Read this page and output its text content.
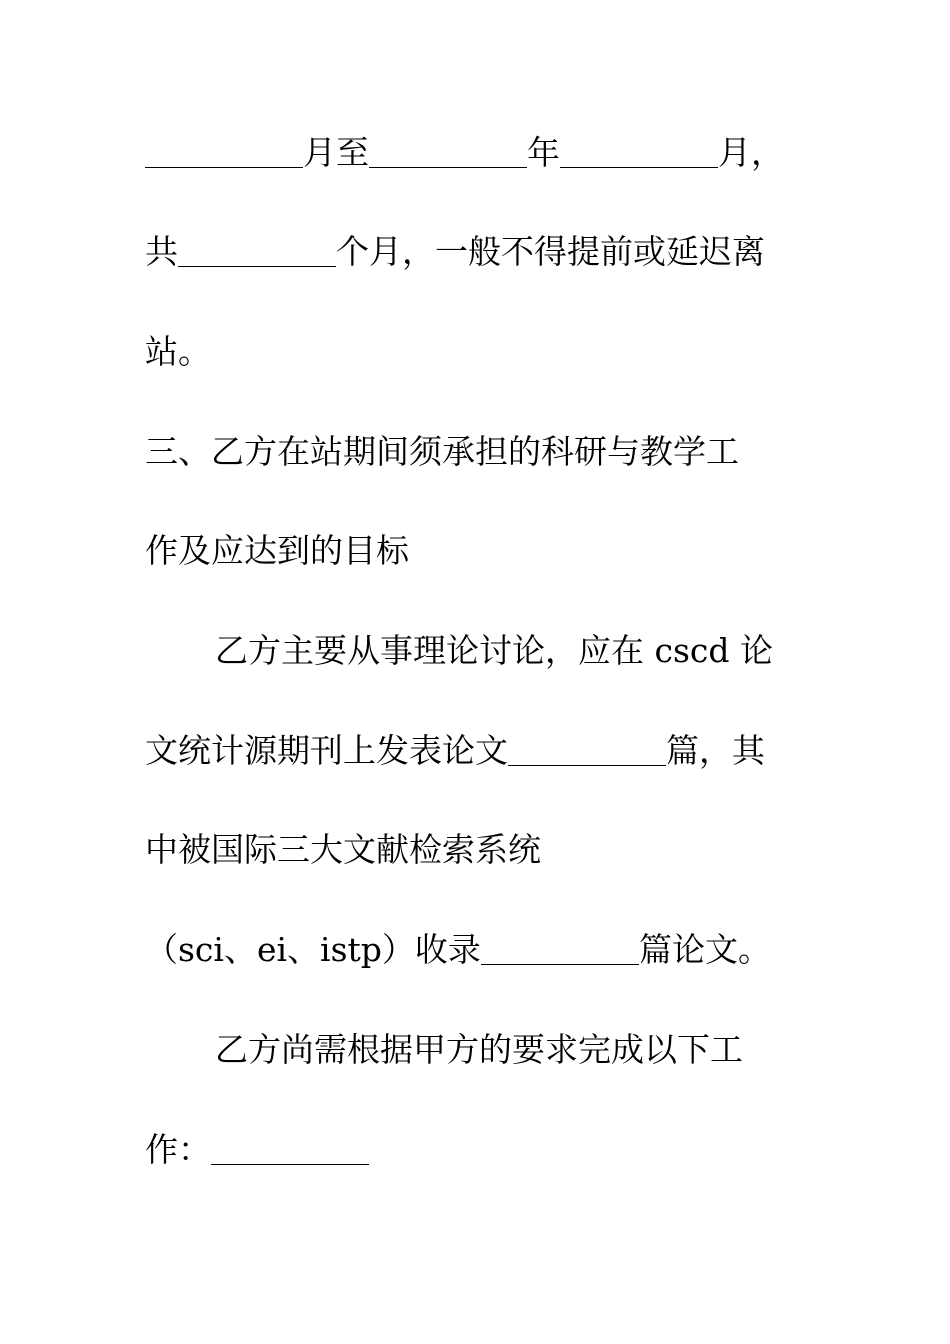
月至	年	月，
共	个月，一般不得提前或延迟离
站。
三、乙方在站期间须承担的科研与教学工
作及应达到的目标
乙方主要从事理论讨论，应在 cscd 论
文统计源期刊上发表论文	篇，其
中被国际三大文献检索系统
（sci、ei、istp）收录	篇论文。
乙方尚需根据甲方的要求完成以下工
作：
